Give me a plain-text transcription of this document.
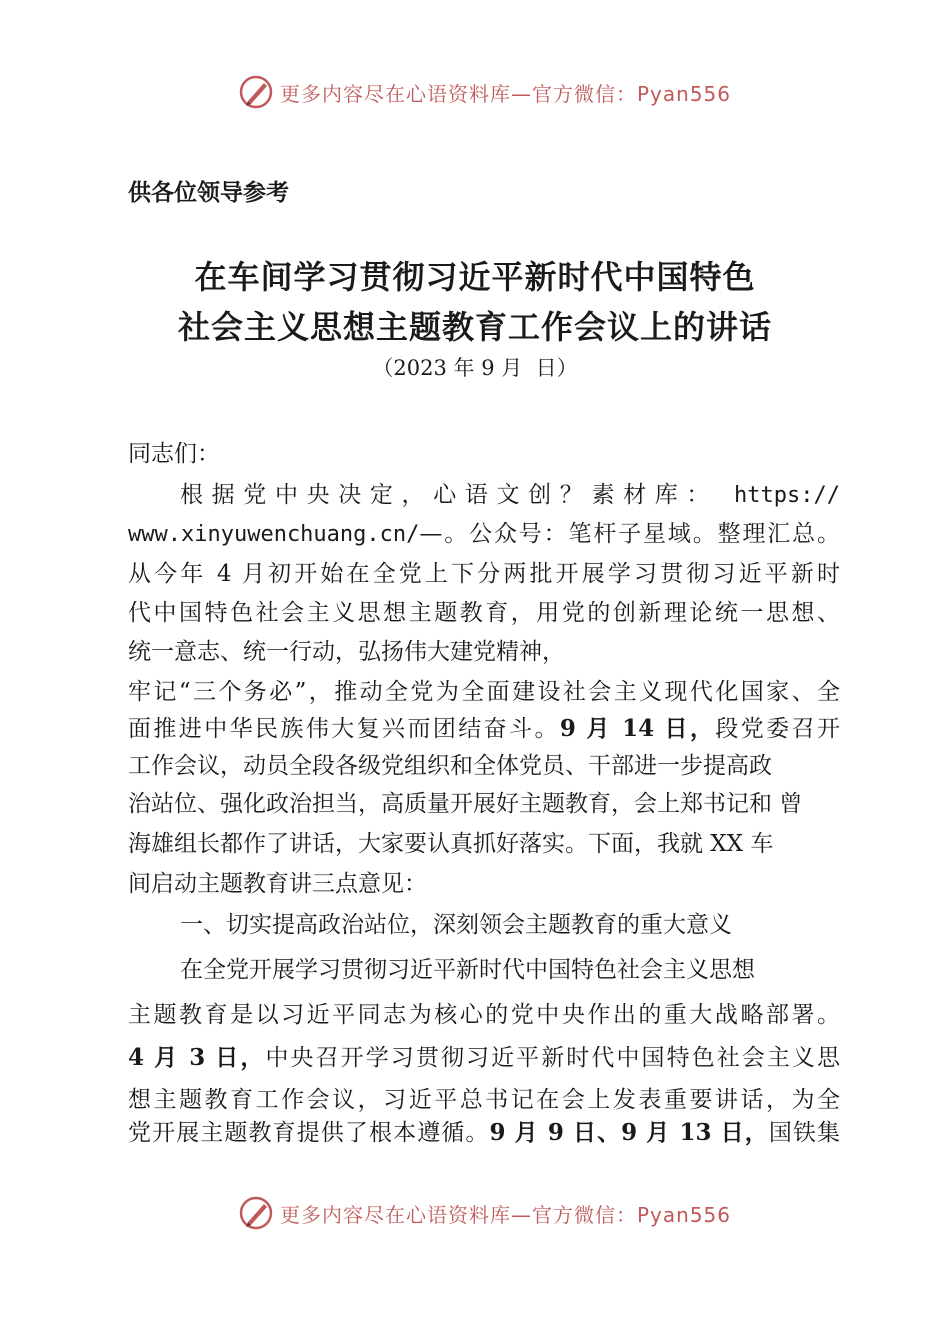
更多内容尽在心语资料库—官方微信：Pyan556
供各位领导参考
在车间学习贯彻习近平新时代中国特色
社会主义思想主题教育工作会议上的讲话
（2023 年 9 月  日）
同志们：
根据党中央决定，心语文创？素材库： https://
www.xinyuwenchuang.cn/—。公众号：笔杆子星域。整理汇总。
从今年 4 月初开始在全党上下分两批开展学习贯彻习近平新时
代中国特色社会主义思想主题教育，用党的创新理论统一思想、
统一意志、统一行动，弘扬伟大建党精神，
牢记“三个务必”，推动全党为全面建设社会主义现代化国家、全
面推进中华民族伟大复兴而团结奋斗。9 月 14 日，段党委召开
工作会议，动员全段各级党组织和全体党员、干部进一步提高政
治站位、强化政治担当，高质量开展好主题教育，会上郑书记和 曾
海雄组长都作了讲话，大家要认真抓好落实。下面，我就 XX 车
间启动主题教育讲三点意见：
一、切实提高政治站位，深刻领会主题教育的重大意义
在全党开展学习贯彻习近平新时代中国特色社会主义思想
主题教育是以习近平同志为核心的党中央作出的重大战略部署。
4 月 3 日，中央召开学习贯彻习近平新时代中国特色社会主义思
想主题教育工作会议，习近平总书记在会上发表重要讲话，为全
党开展主题教育提供了根本遵循。9 月 9 日、9 月 13 日，国铁集
更多内容尽在心语资料库—官方微信：Pyan556
